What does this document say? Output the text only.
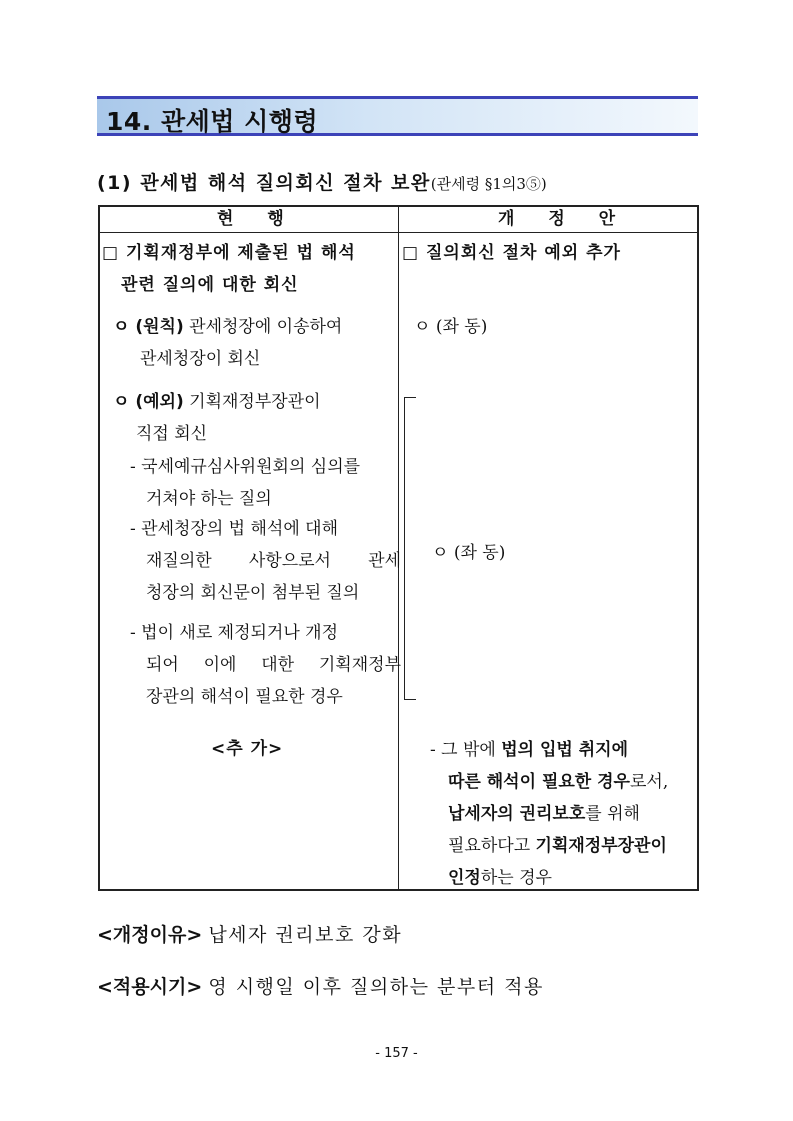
14. 관세법 시행령
(1) 관세법 해석 질의회신 절차 보완(관세령 §1의3⑤)
현 행	개 정 안
□ 기획재정부에 제출된 법 해석
관련 질의에 대한 회신
ㅇ (원칙) 관세청장에 이송하여
관세청장이 회신
ㅇ (예외) 기획재정부장관이
직접 회신
- 국세예규심사위원회의 심의를
거쳐야 하는 질의
- 관세청장의 법 해석에 대해
재질의한 사항으로서 관세
청장의 회신문이 첨부된 질의
- 법이 새로 제정되거나 개정
되어 이에 대한 기획재정부
장관의 해석이 필요한 경우
<추 가>
□ 질의회신 절차 예외 추가
ㅇ (좌 동)
ㅇ (좌 동)
- 그 밖에 법의 입법 취지에
따른 해석이 필요한 경우로서,
납세자의 권리보호를 위해
필요하다고 기획재정부장관이
인정하는 경우
<개정이유> 납세자 권리보호 강화
<적용시기> 영 시행일 이후 질의하는 분부터 적용
- 157 -
